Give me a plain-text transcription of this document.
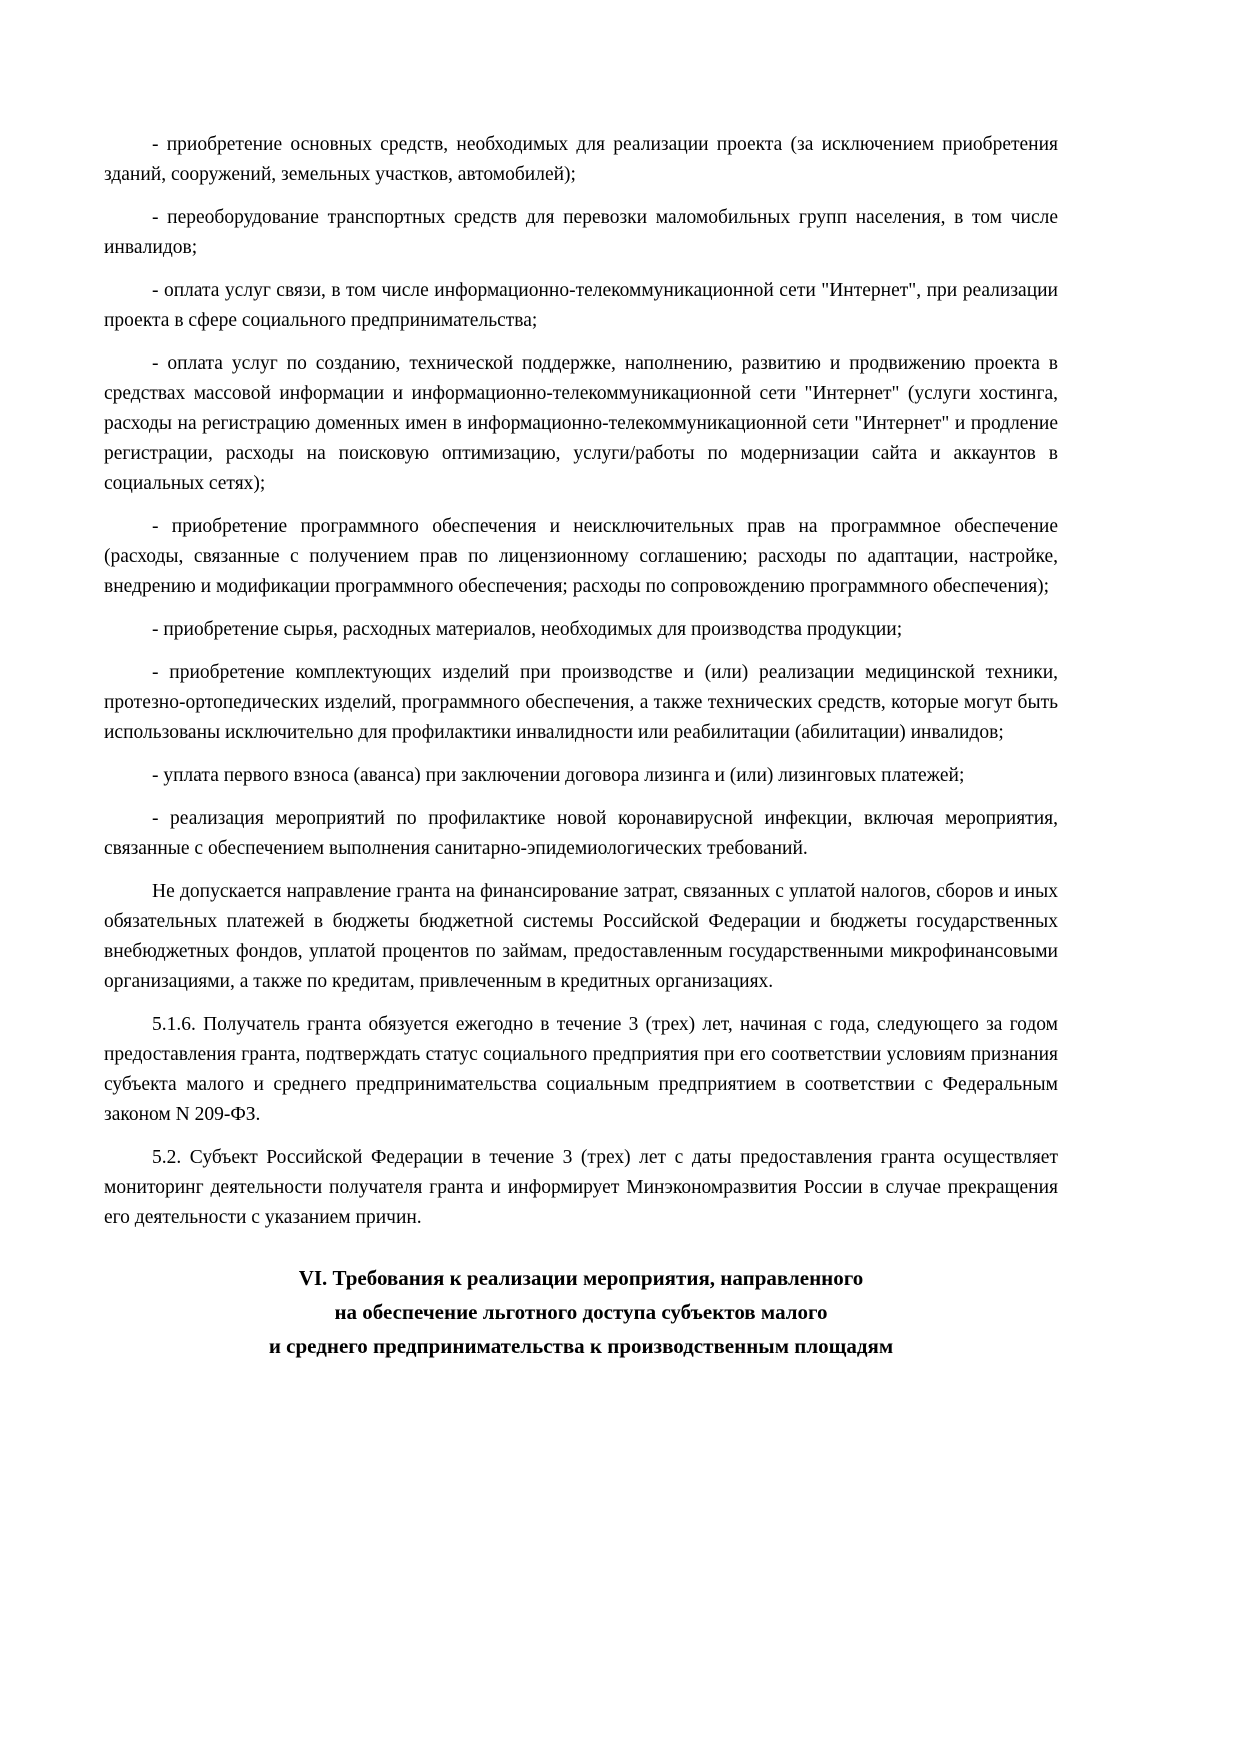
- приобретение основных средств, необходимых для реализации проекта (за исключением приобретения зданий, сооружений, земельных участков, автомобилей);

- переоборудование транспортных средств для перевозки маломобильных групп населения, в том числе инвалидов;

- оплата услуг связи, в том числе информационно-телекоммуникационной сети "Интернет", при реализации проекта в сфере социального предпринимательства;

- оплата услуг по созданию, технической поддержке, наполнению, развитию и продвижению проекта в средствах массовой информации и информационно-телекоммуникационной сети "Интернет" (услуги хостинга, расходы на регистрацию доменных имен в информационно-телекоммуникационной сети "Интернет" и продление регистрации, расходы на поисковую оптимизацию, услуги/работы по модернизации сайта и аккаунтов в социальных сетях);

- приобретение программного обеспечения и неисключительных прав на программное обеспечение (расходы, связанные с получением прав по лицензионному соглашению; расходы по адаптации, настройке, внедрению и модификации программного обеспечения; расходы по сопровождению программного обеспечения);

- приобретение сырья, расходных материалов, необходимых для производства продукции;

- приобретение комплектующих изделий при производстве и (или) реализации медицинской техники, протезно-ортопедических изделий, программного обеспечения, а также технических средств, которые могут быть использованы исключительно для профилактики инвалидности или реабилитации (абилитации) инвалидов;

- уплата первого взноса (аванса) при заключении договора лизинга и (или) лизинговых платежей;

- реализация мероприятий по профилактике новой коронавирусной инфекции, включая мероприятия, связанные с обеспечением выполнения санитарно-эпидемиологических требований.

Не допускается направление гранта на финансирование затрат, связанных с уплатой налогов, сборов и иных обязательных платежей в бюджеты бюджетной системы Российской Федерации и бюджеты государственных внебюджетных фондов, уплатой процентов по займам, предоставленным государственными микрофинансовыми организациями, а также по кредитам, привлеченным в кредитных организациях.

5.1.6. Получатель гранта обязуется ежегодно в течение 3 (трех) лет, начиная с года, следующего за годом предоставления гранта, подтверждать статус социального предприятия при его соответствии условиям признания субъекта малого и среднего предпринимательства социальным предприятием в соответствии с Федеральным законом N 209-ФЗ.

5.2. Субъект Российской Федерации в течение 3 (трех) лет с даты предоставления гранта осуществляет мониторинг деятельности получателя гранта и информирует Минэкономразвития России в случае прекращения его деятельности с указанием причин.

VI. Требования к реализации мероприятия, направленного
на обеспечение льготного доступа субъектов малого
и среднего предпринимательства к производственным площадям
